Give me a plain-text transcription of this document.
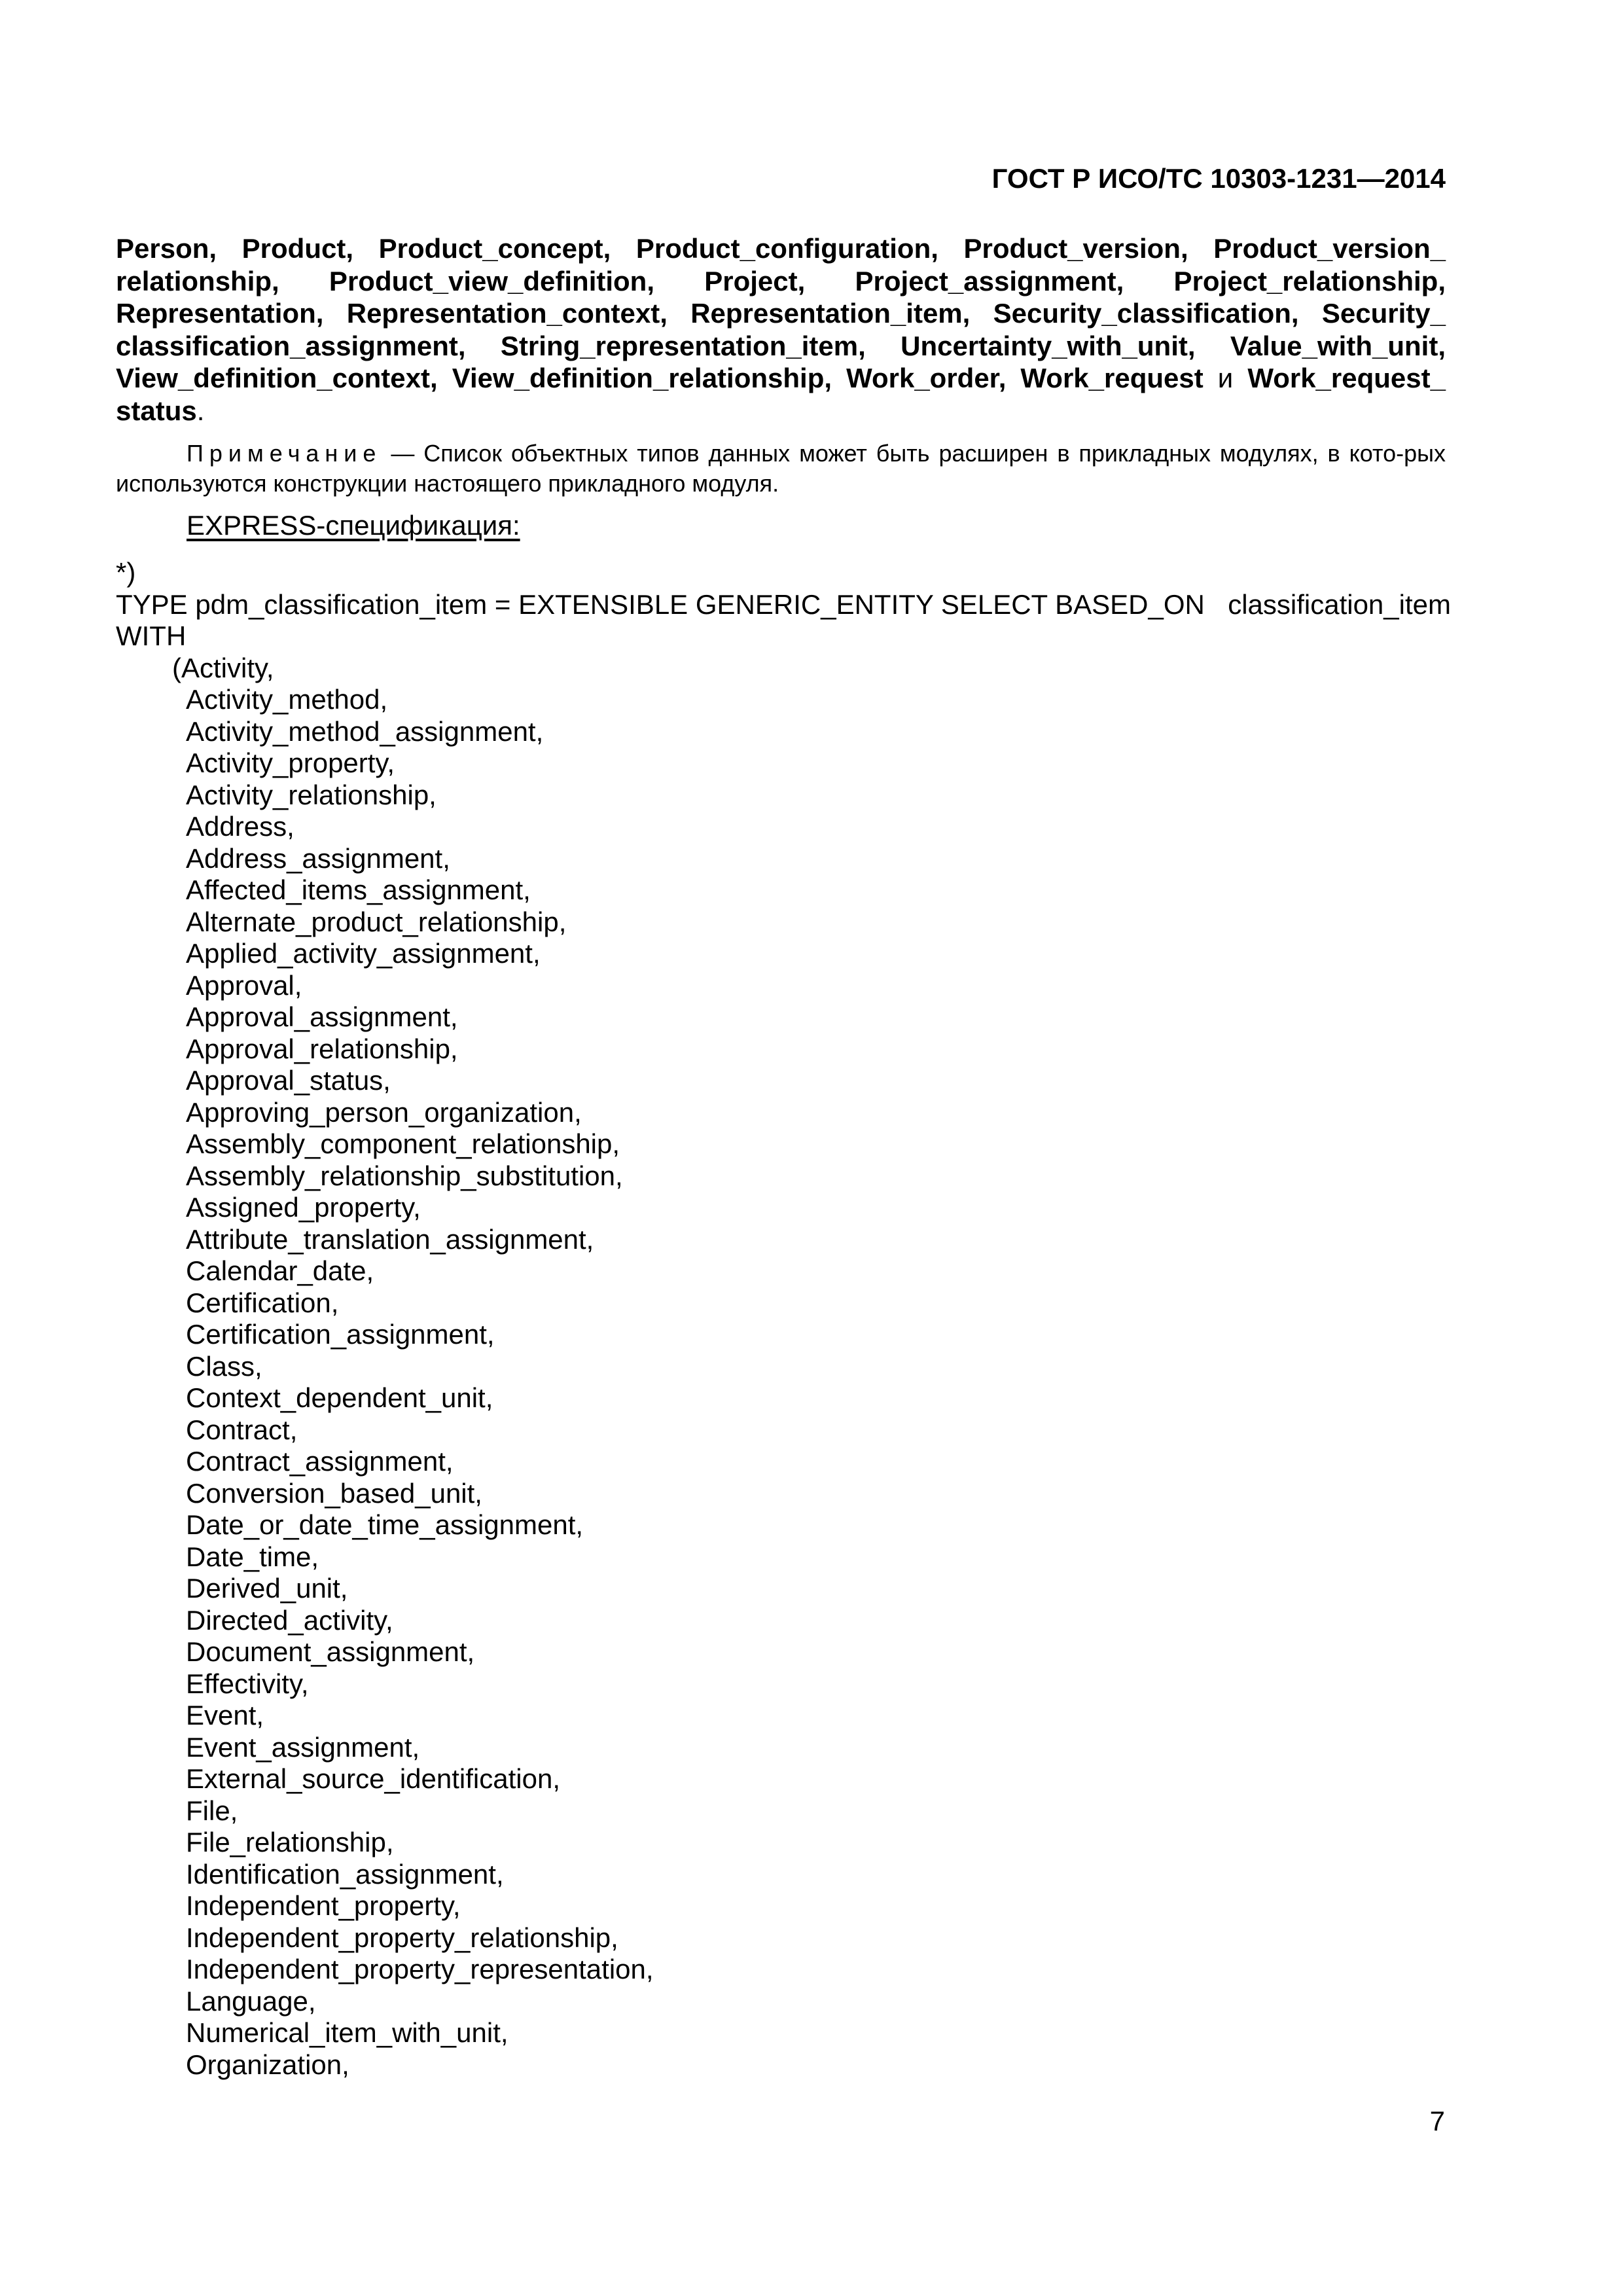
ГОСТ Р ИСО/ТС 10303-1231—2014
Person, Product, Product_concept, Product_configuration, Product_version, Product_version_ relationship, Product_view_definition, Project, Project_assignment, Project_relationship, Representation, Representation_context, Representation_item, Security_classification, Security_ classification_assignment, String_representation_item, Uncertainty_with_unit, Value_with_unit, View_definition_context, View_definition_relationship, Work_order, Work_request и Work_request_ status.
Примечание — Список объектных типов данных может быть расширен в прикладных модулях, в кото-рых используются конструкции настоящего прикладного модуля.
EXPRESS-спецификация:
*)
TYPE pdm_classification_item = EXTENSIBLE GENERIC_ENTITY SELECT BASED_ON classification_item
WITH
(Activity,
Activity_method,
Activity_method_assignment,
Activity_property,
Activity_relationship,
Address,
Address_assignment,
Affected_items_assignment,
Alternate_product_relationship,
Applied_activity_assignment,
Approval,
Approval_assignment,
Approval_relationship,
Approval_status,
Approving_person_organization,
Assembly_component_relationship,
Assembly_relationship_substitution,
Assigned_property,
Attribute_translation_assignment,
Calendar_date,
Certification,
Certification_assignment,
Class,
Context_dependent_unit,
Contract,
Contract_assignment,
Conversion_based_unit,
Date_or_date_time_assignment,
Date_time,
Derived_unit,
Directed_activity,
Document_assignment,
Effectivity,
Event,
Event_assignment,
External_source_identification,
File,
File_relationship,
Identification_assignment,
Independent_property,
Independent_property_relationship,
Independent_property_representation,
Language,
Numerical_item_with_unit,
Organization,
7
